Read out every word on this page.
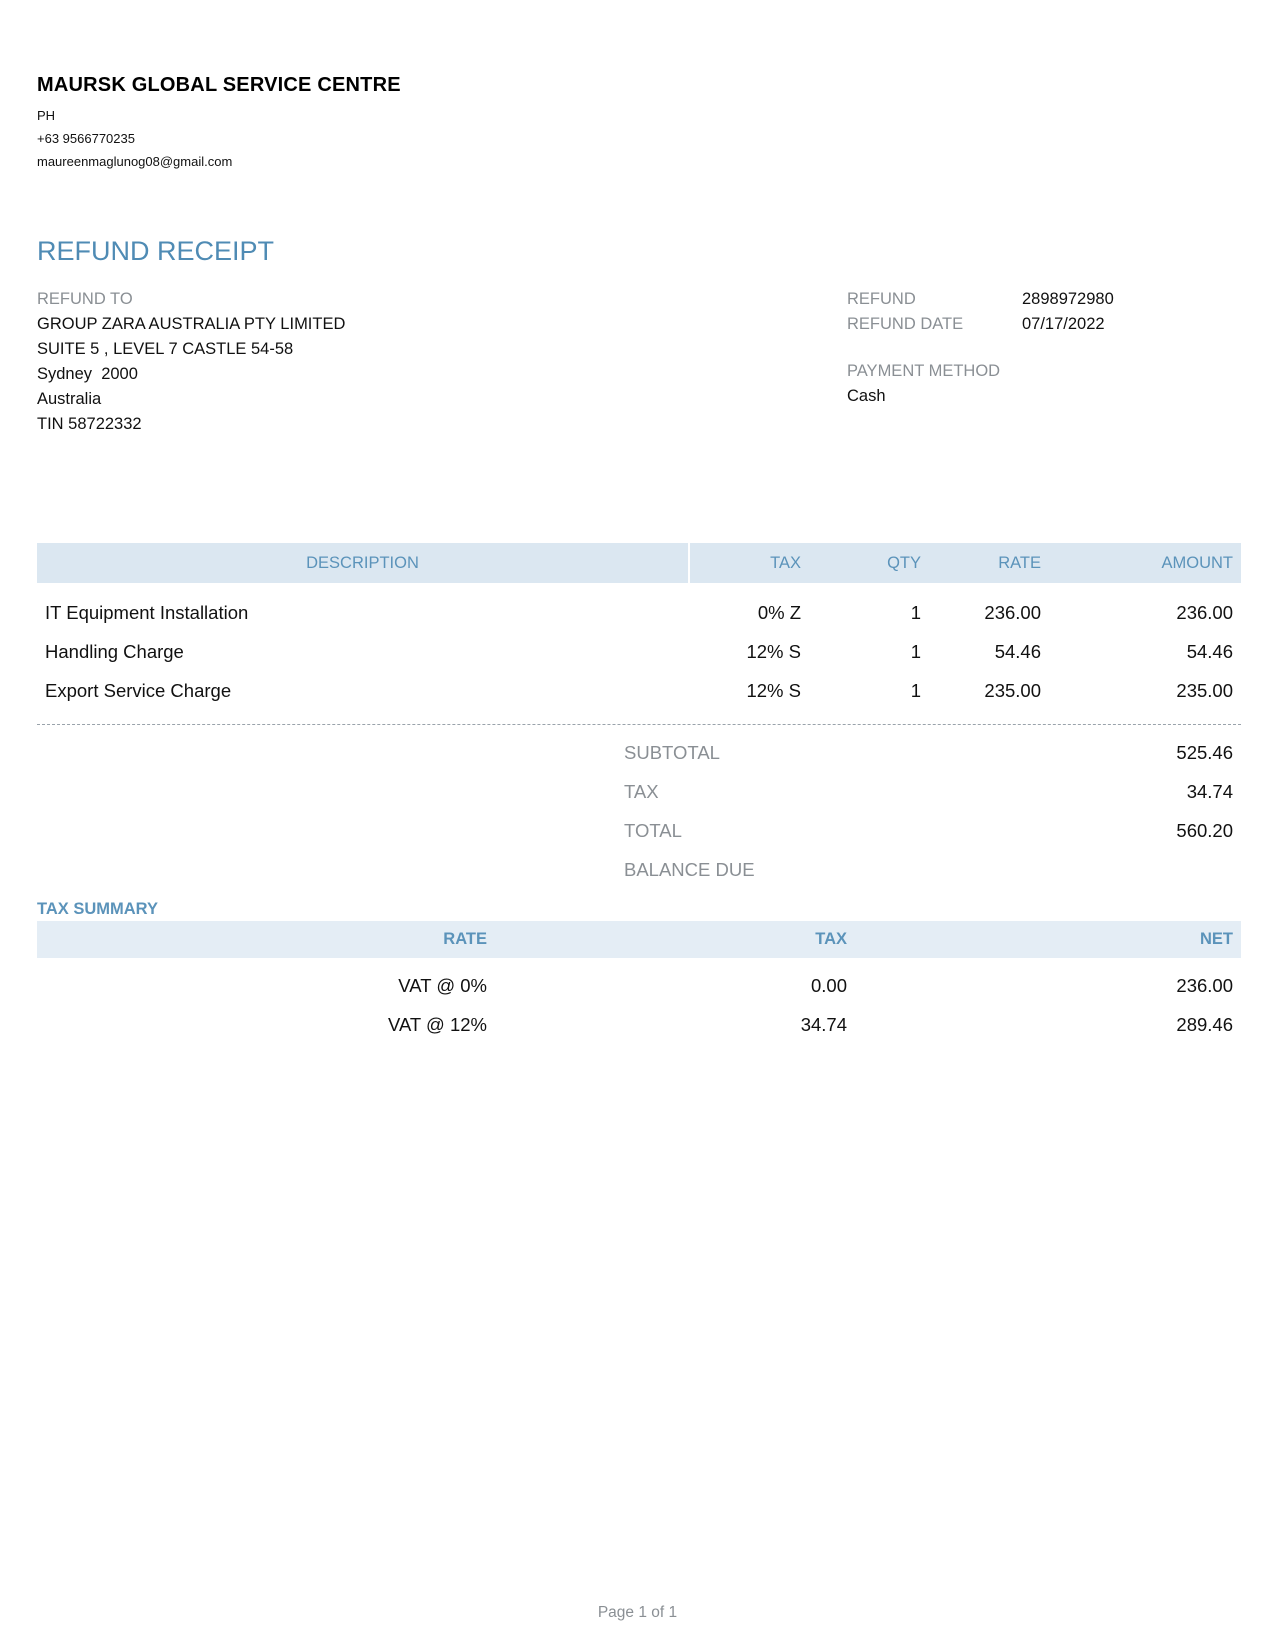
MAURSK GLOBAL SERVICE CENTRE
PH
+63 9566770235
maureenmaglunog08@gmail.com
REFUND RECEIPT
REFUND TO
GROUP ZARA AUSTRALIA PTY LIMITED
SUITE 5 , LEVEL 7 CASTLE 54-58
Sydney  2000
Australia
TIN 58722332
REFUND	2898972980
REFUND DATE	07/17/2022
PAYMENT METHOD
Cash
DESCRIPTION	TAX	QTY	RATE	AMOUNT
IT Equipment Installation	0% Z	1	236.00	236.00
Handling Charge	12% S	1	54.46	54.46
Export Service Charge	12% S	1	235.00	235.00
SUBTOTAL	525.46
TAX	34.74
TOTAL	560.20
BALANCE DUE
TAX SUMMARY
RATE	TAX	NET
VAT @ 0%	0.00	236.00
VAT @ 12%	34.74	289.46
Page 1 of 1
